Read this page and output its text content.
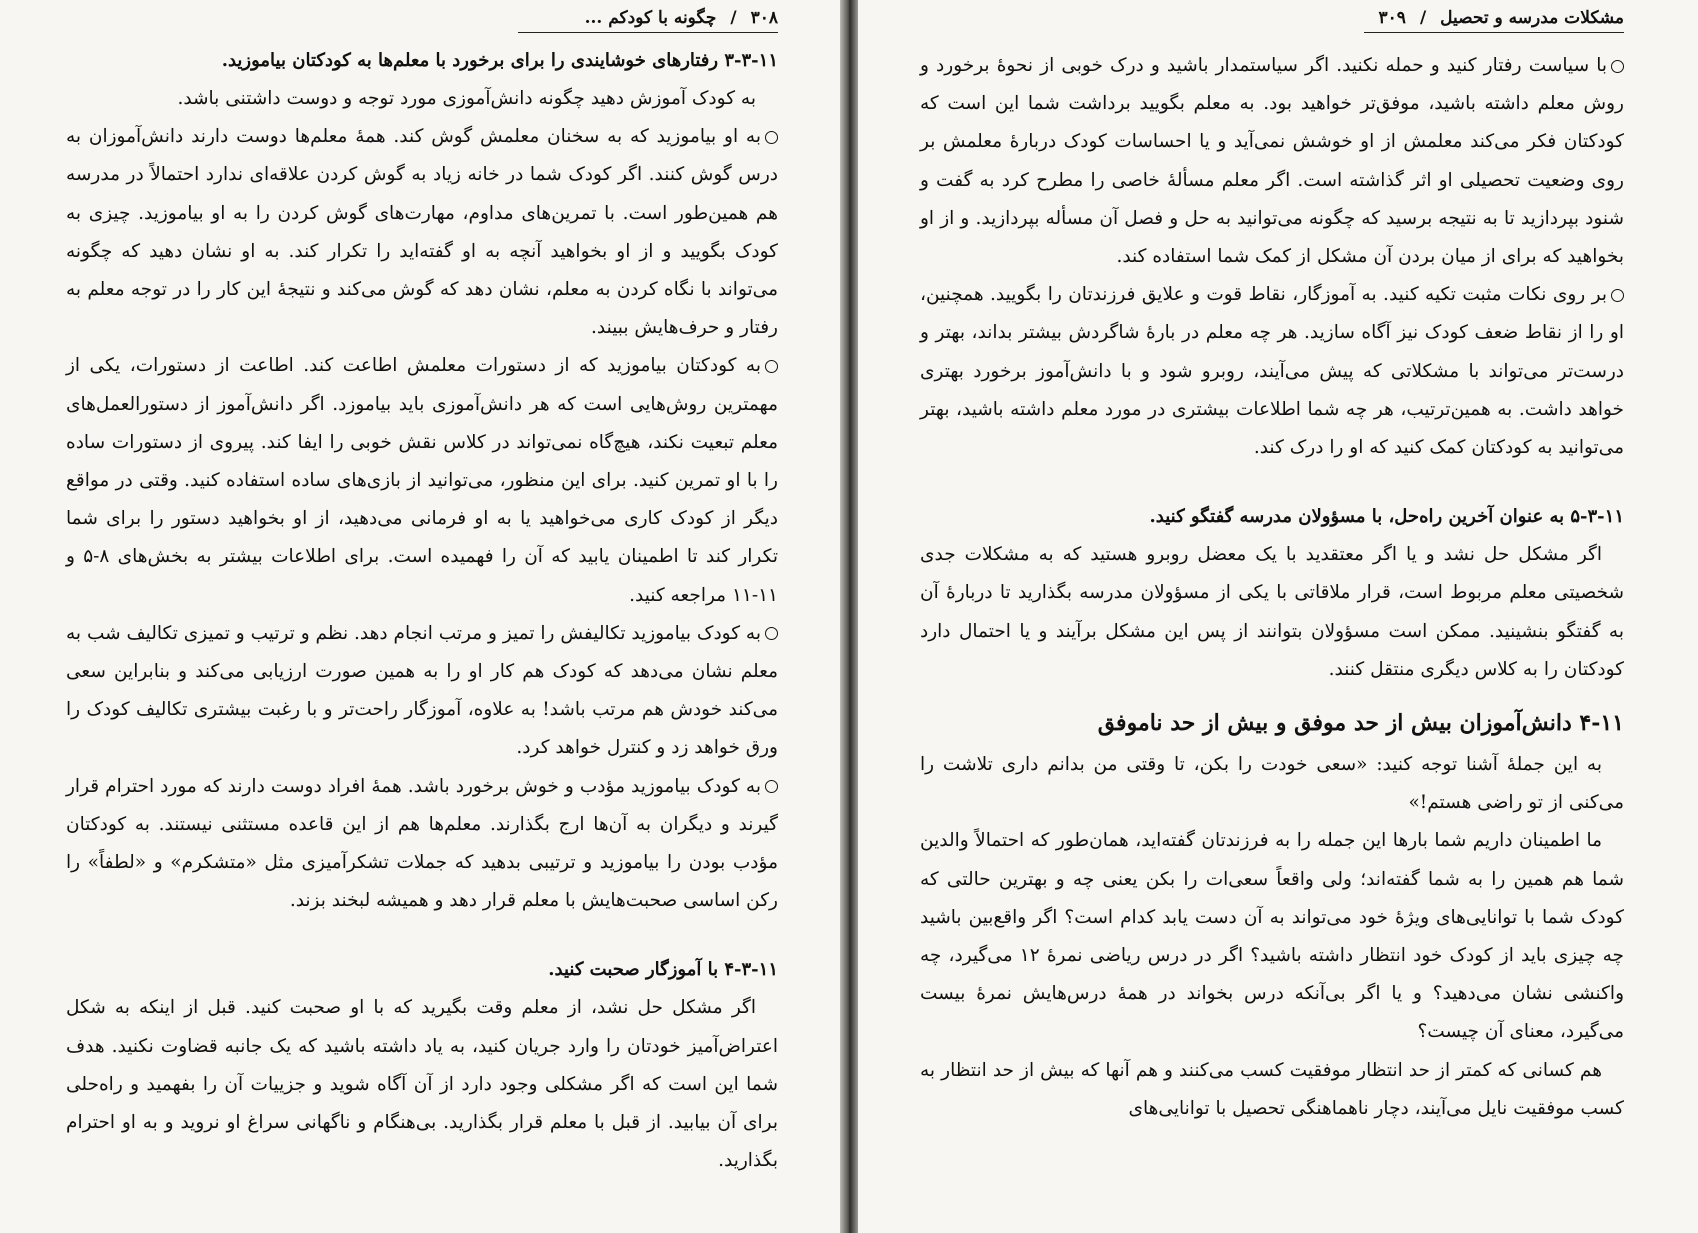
۳۰۸/چگونه با کودکم ...
۳-۳-۱۱ رفتارهای خوشایندی را برای برخورد با معلم‌ها به کودکتان بیاموزید.

به کودک آموزش دهید چگونه دانش‌آموزی مورد توجه و دوست داشتنی باشد.

به او بیاموزید که به سخنان معلمش گوش کند. همهٔ معلم‌ها دوست دارند دانش‌آموزان به درس گوش کنند. اگر کودک شما در خانه زیاد به گوش کردن علاقه‌ای ندارد احتمالاً در مدرسه هم همین‌طور است. با تمرین‌های مداوم، مهارت‌های گوش کردن را به او بیاموزید. چیزی به کودک بگویید و از او بخواهید آنچه به او گفته‌اید را تکرار کند. به او نشان دهید که چگونه می‌تواند با نگاه کردن به معلم، نشان دهد که گوش می‌کند و نتیجهٔ این کار را در توجه معلم به رفتار و حرف‌هایش ببیند.

به کودکتان بیاموزید که از دستورات معلمش اطاعت کند. اطاعت از دستورات، یکی از مهمترین روش‌هایی است که هر دانش‌آموزی باید بیاموزد. اگر دانش‌آموز از دستورالعمل‌های معلم تبعیت نکند، هیچ‌گاه نمی‌تواند در کلاس نقش خوبی را ایفا کند. پیروی از دستورات ساده را با او تمرین کنید. برای این منظور، می‌توانید از بازی‌های ساده استفاده کنید. وقتی در مواقع دیگر از کودک کاری می‌خواهید یا به او فرمانی می‌دهید، از او بخواهید دستور را برای شما تکرار کند تا اطمینان یابید که آن را فهمیده است. برای اطلاعات بیشتر به بخش‌های ۸-۵ و ۱۱-۱۱ مراجعه کنید.

به کودک بیاموزید تکالیفش را تمیز و مرتب انجام دهد. نظم و ترتیب و تمیزی تکالیف شب به معلم نشان می‌دهد که کودک هم کار او را به همین صورت ارزیابی می‌کند و بنابراین سعی می‌کند خودش هم مرتب باشد! به علاوه، آموزگار راحت‌تر و با رغبت بیشتری تکالیف کودک را ورق خواهد زد و کنترل خواهد کرد.

به کودک بیاموزید مؤدب و خوش برخورد باشد. همهٔ افراد دوست دارند که مورد احترام قرار گیرند و دیگران به آن‌ها ارج بگذارند. معلم‌ها هم از این قاعده مستثنی نیستند. به کودکتان مؤدب بودن را بیاموزید و ترتیبی بدهید که جملات تشکرآمیزی مثل «متشکرم» و «لطفاً» را رکن اساسی صحبت‌هایش با معلم قرار دهد و همیشه لبخند بزند.

۴-۳-۱۱ با آموزگار صحبت کنید.

اگر مشکل حل نشد، از معلم وقت بگیرید که با او صحبت کنید. قبل از اینکه به شکل اعتراض‌آمیز خودتان را وارد جریان کنید، به یاد داشته باشید که یک جانبه قضاوت نکنید. هدف شما این است که اگر مشکلی وجود دارد از آن آگاه شوید و جزییات آن را بفهمید و راه‌حلی برای آن بیابید. از قبل با معلم قرار بگذارید. بی‌هنگام و ناگهانی سراغ او نروید و به او احترام بگذارید.

مشکلات مدرسه و تحصیل/۳۰۹

با سیاست رفتار کنید و حمله نکنید. اگر سیاستمدار باشید و درک خوبی از نحوهٔ برخورد و روش معلم داشته باشید، موفق‌تر خواهید بود. به معلم بگویید برداشت شما این است که کودکتان فکر می‌کند معلمش از او خوشش نمی‌آید و یا احساسات کودک دربارهٔ معلمش بر روی وضعیت تحصیلی او اثر گذاشته است. اگر معلم مسألهٔ خاصی را مطرح کرد به گفت و شنود بپردازید تا به نتیجه برسید که چگونه می‌توانید به حل و فصل آن مسأله بپردازید. و از او بخواهید که برای از میان بردن آن مشکل از کمک شما استفاده کند.

بر روی نکات مثبت تکیه کنید. به آموزگار، نقاط قوت و علایق فرزندتان را بگویید. همچنین، او را از نقاط ضعف کودک نیز آگاه سازید. هر چه معلم در بارهٔ شاگردش بیشتر بداند، بهتر و درست‌تر می‌تواند با مشکلاتی که پیش می‌آیند، روبرو شود و با دانش‌آموز برخورد بهتری خواهد داشت. به همین‌ترتیب، هر چه شما اطلاعات بیشتری در مورد معلم داشته باشید، بهتر می‌توانید به کودکتان کمک کنید که او را درک کند.

۵-۳-۱۱ به عنوان آخرین راه‌حل، با مسؤولان مدرسه گفتگو کنید.

اگر مشکل حل نشد و یا اگر معتقدید با یک معضل روبرو هستید که به مشکلات جدی شخصیتی معلم مربوط است، قرار ملاقاتی با یکی از مسؤولان مدرسه بگذارید تا دربارهٔ آن به گفتگو بنشینید. ممکن است مسؤولان بتوانند از پس این مشکل برآیند و یا احتمال دارد کودکتان را به کلاس دیگری منتقل کنند.

۴-۱۱ دانش‌آموزان بیش از حد موفق و بیش از حد ناموفق

به این جملهٔ آشنا توجه کنید: «سعی خودت را بکن، تا وقتی من بدانم داری تلاشت را می‌کنی از تو راضی هستم!»

ما اطمینان داریم شما بارها این جمله را به فرزندتان گفته‌اید، همان‌طور که احتمالاً والدین شما هم همین را به شما گفته‌اند؛ ولی واقعاً سعی‌ات را بکن یعنی چه و بهترین حالتی که کودک شما با توانایی‌های ویژهٔ خود می‌تواند به آن دست یابد کدام است؟ اگر واقع‌بین باشید چه چیزی باید از کودک خود انتظار داشته باشید؟ اگر در درس ریاضی نمرهٔ ۱۲ می‌گیرد، چه واکنشی نشان می‌دهید؟ و یا اگر بی‌آنکه درس بخواند در همهٔ درس‌هایش نمرهٔ بیست می‌گیرد، معنای آن چیست؟

هم کسانی که کمتر از حد انتظار موفقیت کسب می‌کنند و هم آنها که بیش از حد انتظار به کسب موفقیت نایل می‌آیند، دچار ناهماهنگی تحصیل با توانایی‌های
